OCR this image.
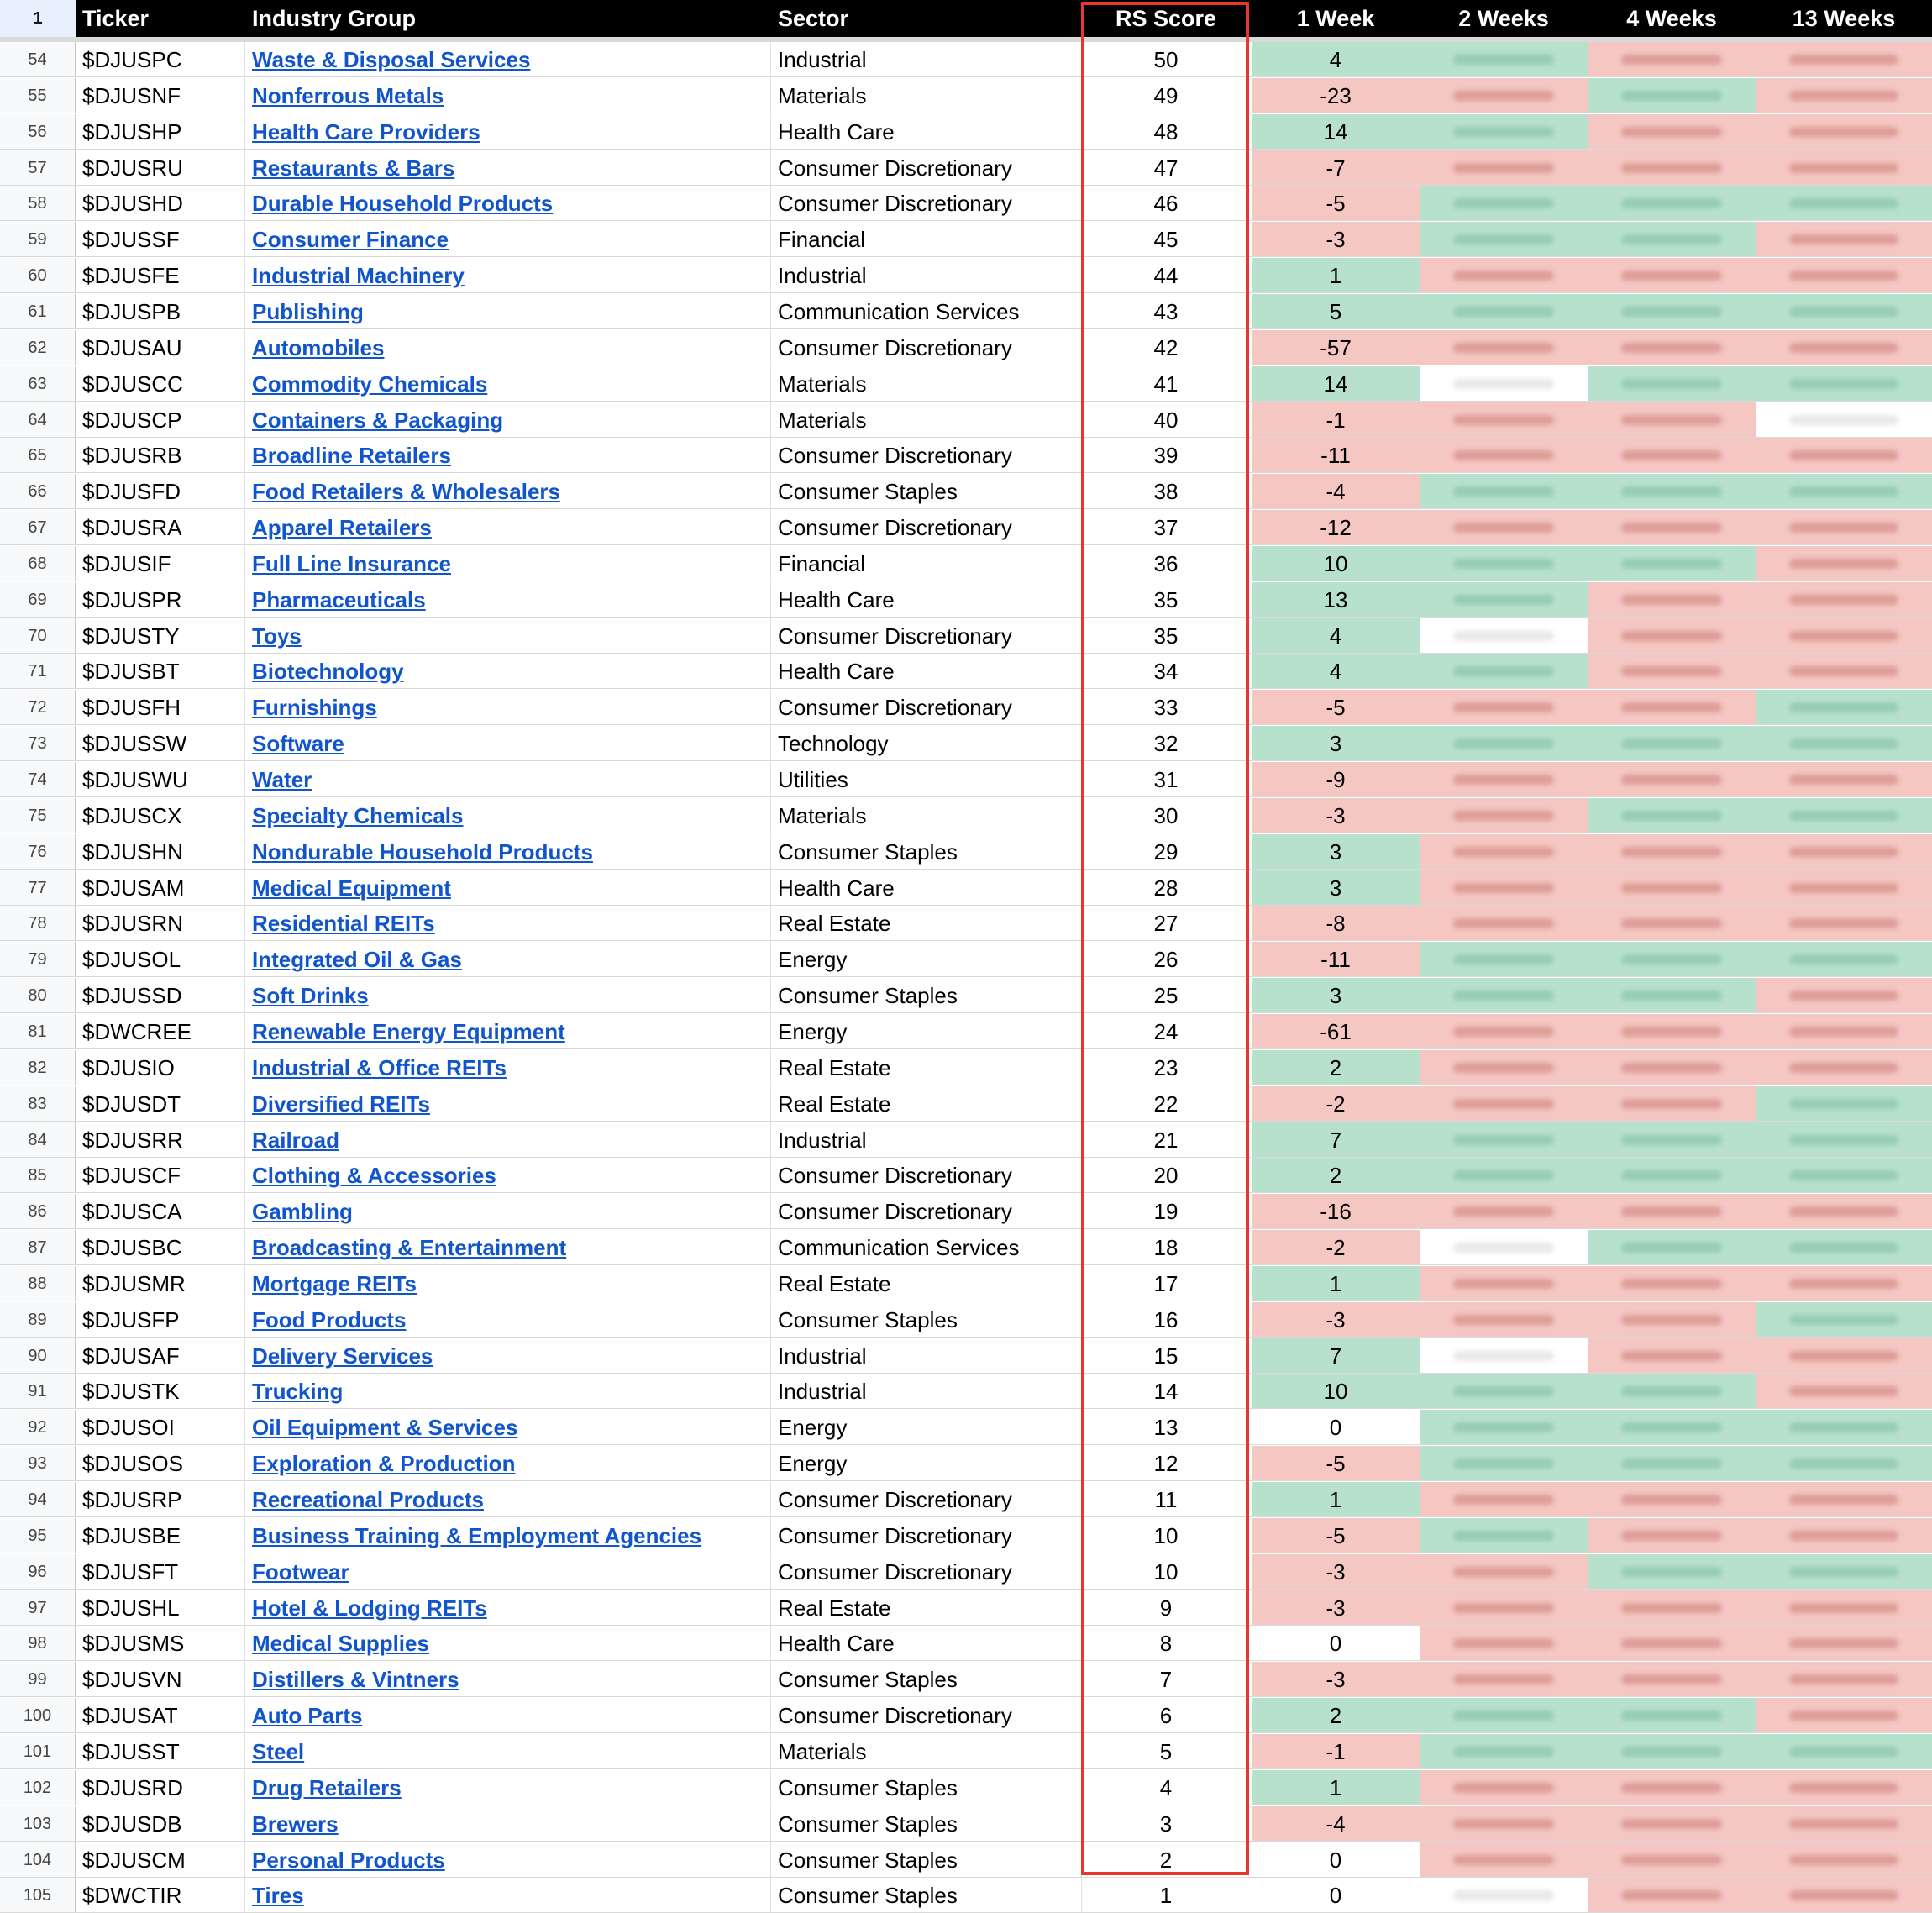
1	Ticker	Industry Group	Sector	RS Score	1 Week	2 Weeks	4 Weeks	13 Weeks
54	$DJUSPC	Waste & Disposal Services	Industrial	50	4
55	$DJUSNF	Nonferrous Metals	Materials	49	-23
56	$DJUSHP	Health Care Providers	Health Care	48	14
57	$DJUSRU	Restaurants & Bars	Consumer Discretionary	47	-7
58	$DJUSHD	Durable Household Products	Consumer Discretionary	46	-5
59	$DJUSSF	Consumer Finance	Financial	45	-3
60	$DJUSFE	Industrial Machinery	Industrial	44	1
61	$DJUSPB	Publishing	Communication Services	43	5
62	$DJUSAU	Automobiles	Consumer Discretionary	42	-57
63	$DJUSCC	Commodity Chemicals	Materials	41	14
64	$DJUSCP	Containers & Packaging	Materials	40	-1
65	$DJUSRB	Broadline Retailers	Consumer Discretionary	39	-11
66	$DJUSFD	Food Retailers & Wholesalers	Consumer Staples	38	-4
67	$DJUSRA	Apparel Retailers	Consumer Discretionary	37	-12
68	$DJUSIF	Full Line Insurance	Financial	36	10
69	$DJUSPR	Pharmaceuticals	Health Care	35	13
70	$DJUSTY	Toys	Consumer Discretionary	35	4
71	$DJUSBT	Biotechnology	Health Care	34	4
72	$DJUSFH	Furnishings	Consumer Discretionary	33	-5
73	$DJUSSW	Software	Technology	32	3
74	$DJUSWU	Water	Utilities	31	-9
75	$DJUSCX	Specialty Chemicals	Materials	30	-3
76	$DJUSHN	Nondurable Household Products	Consumer Staples	29	3
77	$DJUSAM	Medical Equipment	Health Care	28	3
78	$DJUSRN	Residential REITs	Real Estate	27	-8
79	$DJUSOL	Integrated Oil & Gas	Energy	26	-11
80	$DJUSSD	Soft Drinks	Consumer Staples	25	3
81	$DWCREE	Renewable Energy Equipment	Energy	24	-61
82	$DJUSIO	Industrial & Office REITs	Real Estate	23	2
83	$DJUSDT	Diversified REITs	Real Estate	22	-2
84	$DJUSRR	Railroad	Industrial	21	7
85	$DJUSCF	Clothing & Accessories	Consumer Discretionary	20	2
86	$DJUSCA	Gambling	Consumer Discretionary	19	-16
87	$DJUSBC	Broadcasting & Entertainment	Communication Services	18	-2
88	$DJUSMR	Mortgage REITs	Real Estate	17	1
89	$DJUSFP	Food Products	Consumer Staples	16	-3
90	$DJUSAF	Delivery Services	Industrial	15	7
91	$DJUSTK	Trucking	Industrial	14	10
92	$DJUSOI	Oil Equipment & Services	Energy	13	0
93	$DJUSOS	Exploration & Production	Energy	12	-5
94	$DJUSRP	Recreational Products	Consumer Discretionary	11	1
95	$DJUSBE	Business Training & Employment Agencies	Consumer Discretionary	10	-5
96	$DJUSFT	Footwear	Consumer Discretionary	10	-3
97	$DJUSHL	Hotel & Lodging REITs	Real Estate	9	-3
98	$DJUSMS	Medical Supplies	Health Care	8	0
99	$DJUSVN	Distillers & Vintners	Consumer Staples	7	-3
100	$DJUSAT	Auto Parts	Consumer Discretionary	6	2
101	$DJUSST	Steel	Materials	5	-1
102	$DJUSRD	Drug Retailers	Consumer Staples	4	1
103	$DJUSDB	Brewers	Consumer Staples	3	-4
104	$DJUSCM	Personal Products	Consumer Staples	2	0
105	$DWCTIR	Tires	Consumer Staples	1	0
